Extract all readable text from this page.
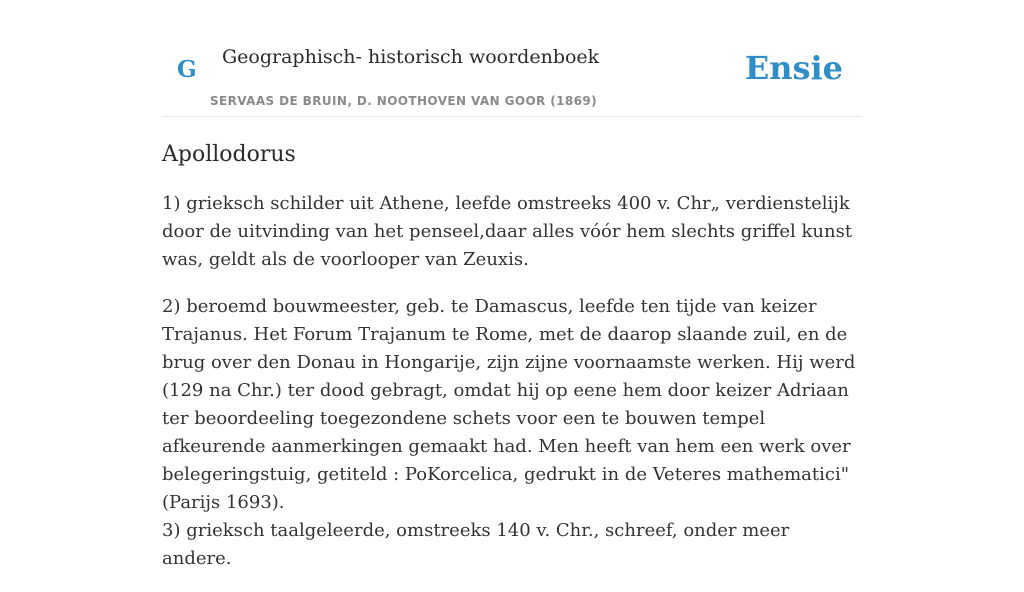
G Geographisch- historisch woordenboek
SERVAAS DE BRUIN, D. NOOTHOVEN VAN GOOR (1869)
Ensie
Apollodorus

1) grieksch schilder uit Athene, leefde omstreeks 400 v. Chr„ verdienstelijk door de uitvinding van het penseel,daar alles vóór hem slechts griffel kunst was, geldt als de voorlooper van Zeuxis.

2) beroemd bouwmeester, geb. te Damascus, leefde ten tijde van keizer Trajanus. Het Forum Trajanum te Rome, met de daarop slaande zuil, en de brug over den Donau in Hongarije, zijn zijne voornaamste werken. Hij werd (129 na Chr.) ter dood gebragt, omdat hij op eene hem door keizer Adriaan ter beoordeeling toegezondene schets voor een te bouwen tempel afkeurende aanmerkingen gemaakt had. Men heeft van hem een werk over belegeringstuig, getiteld : PoKorcelica, gedrukt in de Veteres mathematici" (Parijs 1693).

3) grieksch taalgeleerde, omstreeks 140 v. Chr., schreef, onder meer andere.
